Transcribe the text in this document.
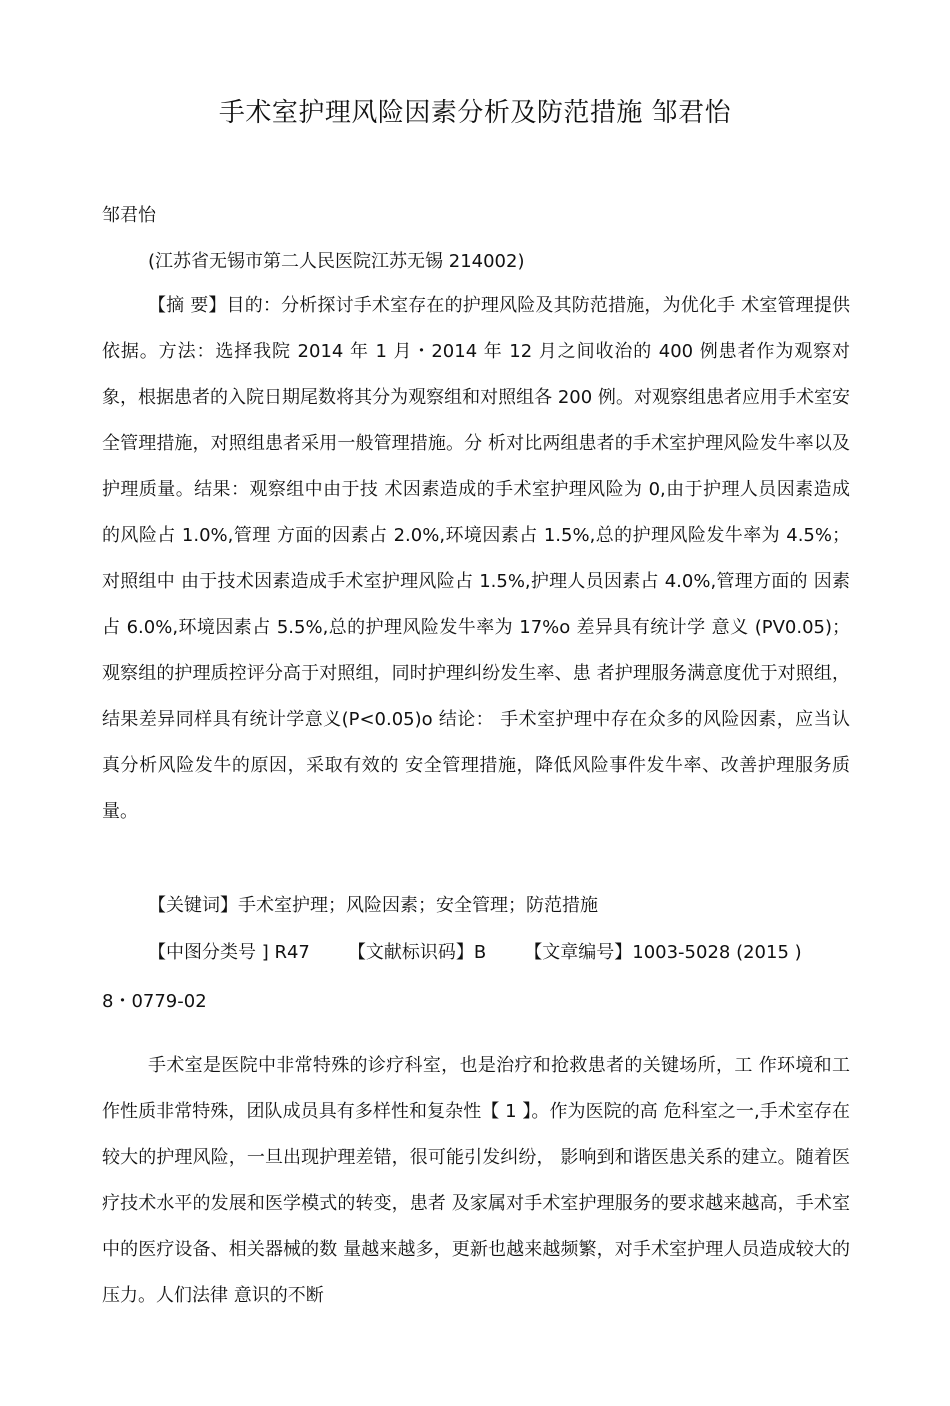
手术室护理风险因素分析及防范措施 邹君怡
邹君怡
(江苏省无锡市第二人民医院江苏无锡 214002)

【摘 要】目的：分析探讨手术室存在的护理风险及其防范措施，为优化手 术室管理提供依据。方法：选择我院 2014 年 1 月・2014 年 12 月之间收治的 400 例患者作为观察对象，根据患者的入院日期尾数将其分为观察组和对照组各 200 例。对观察组患者应用手术室安全管理措施，对照组患者采用一般管理措施。分 析对比两组患者的手术室护理风险发牛率以及护理质量。结果：观察组中由于技 术因素造成的手术室护理风险为 0,由于护理人员因素造成的风险占 1.0%,管理 方面的因素占 2.0%,环境因素占 1.5%,总的护理风险发牛率为 4.5%； 对照组中 由于技术因素造成手术室护理风险占 1.5%,护理人员因素占 4.0%,管理方面的 因素占 6.0%,环境因素占 5.5%,总的护理风险发牛率为 17%o 差异具有统计学 意义 (PV0.05)； 观察组的护理质控评分高于对照组，同时护理纠纷发生率、患 者护理服务满意度优于对照组，结果差异同样具有统计学意义(P<0.05)o 结论： 手术室护理中存在众多的风险因素，应当认真分析风险发牛的原因，采取有效的 安全管理措施，降低风险事件发牛率、改善护理服务质量。

【关键词】手术室护理；风险因素；安全管理；防范措施
【中图分类号 ] R47 【文献标识码】B 【文章编号】1003-5028 (2015 )
8・0779-02

手术室是医院中非常特殊的诊疗科室，也是治疗和抢救患者的关键场所，工 作环境和工作性质非常特殊，团队成员具有多样性和复杂性【 1 】。作为医院的高 危科室之一,手术室存在较大的护理风险，一旦出现护理差错，很可能引发纠纷， 影响到和谐医患关系的建立。随着医疗技术水平的发展和医学模式的转变，患者 及家属对手术室护理服务的要求越来越高，手术室中的医疗设备、相关器械的数 量越来越多，更新也越来越频繁，对手术室护理人员造成较大的压力。人们法律 意识的不断
